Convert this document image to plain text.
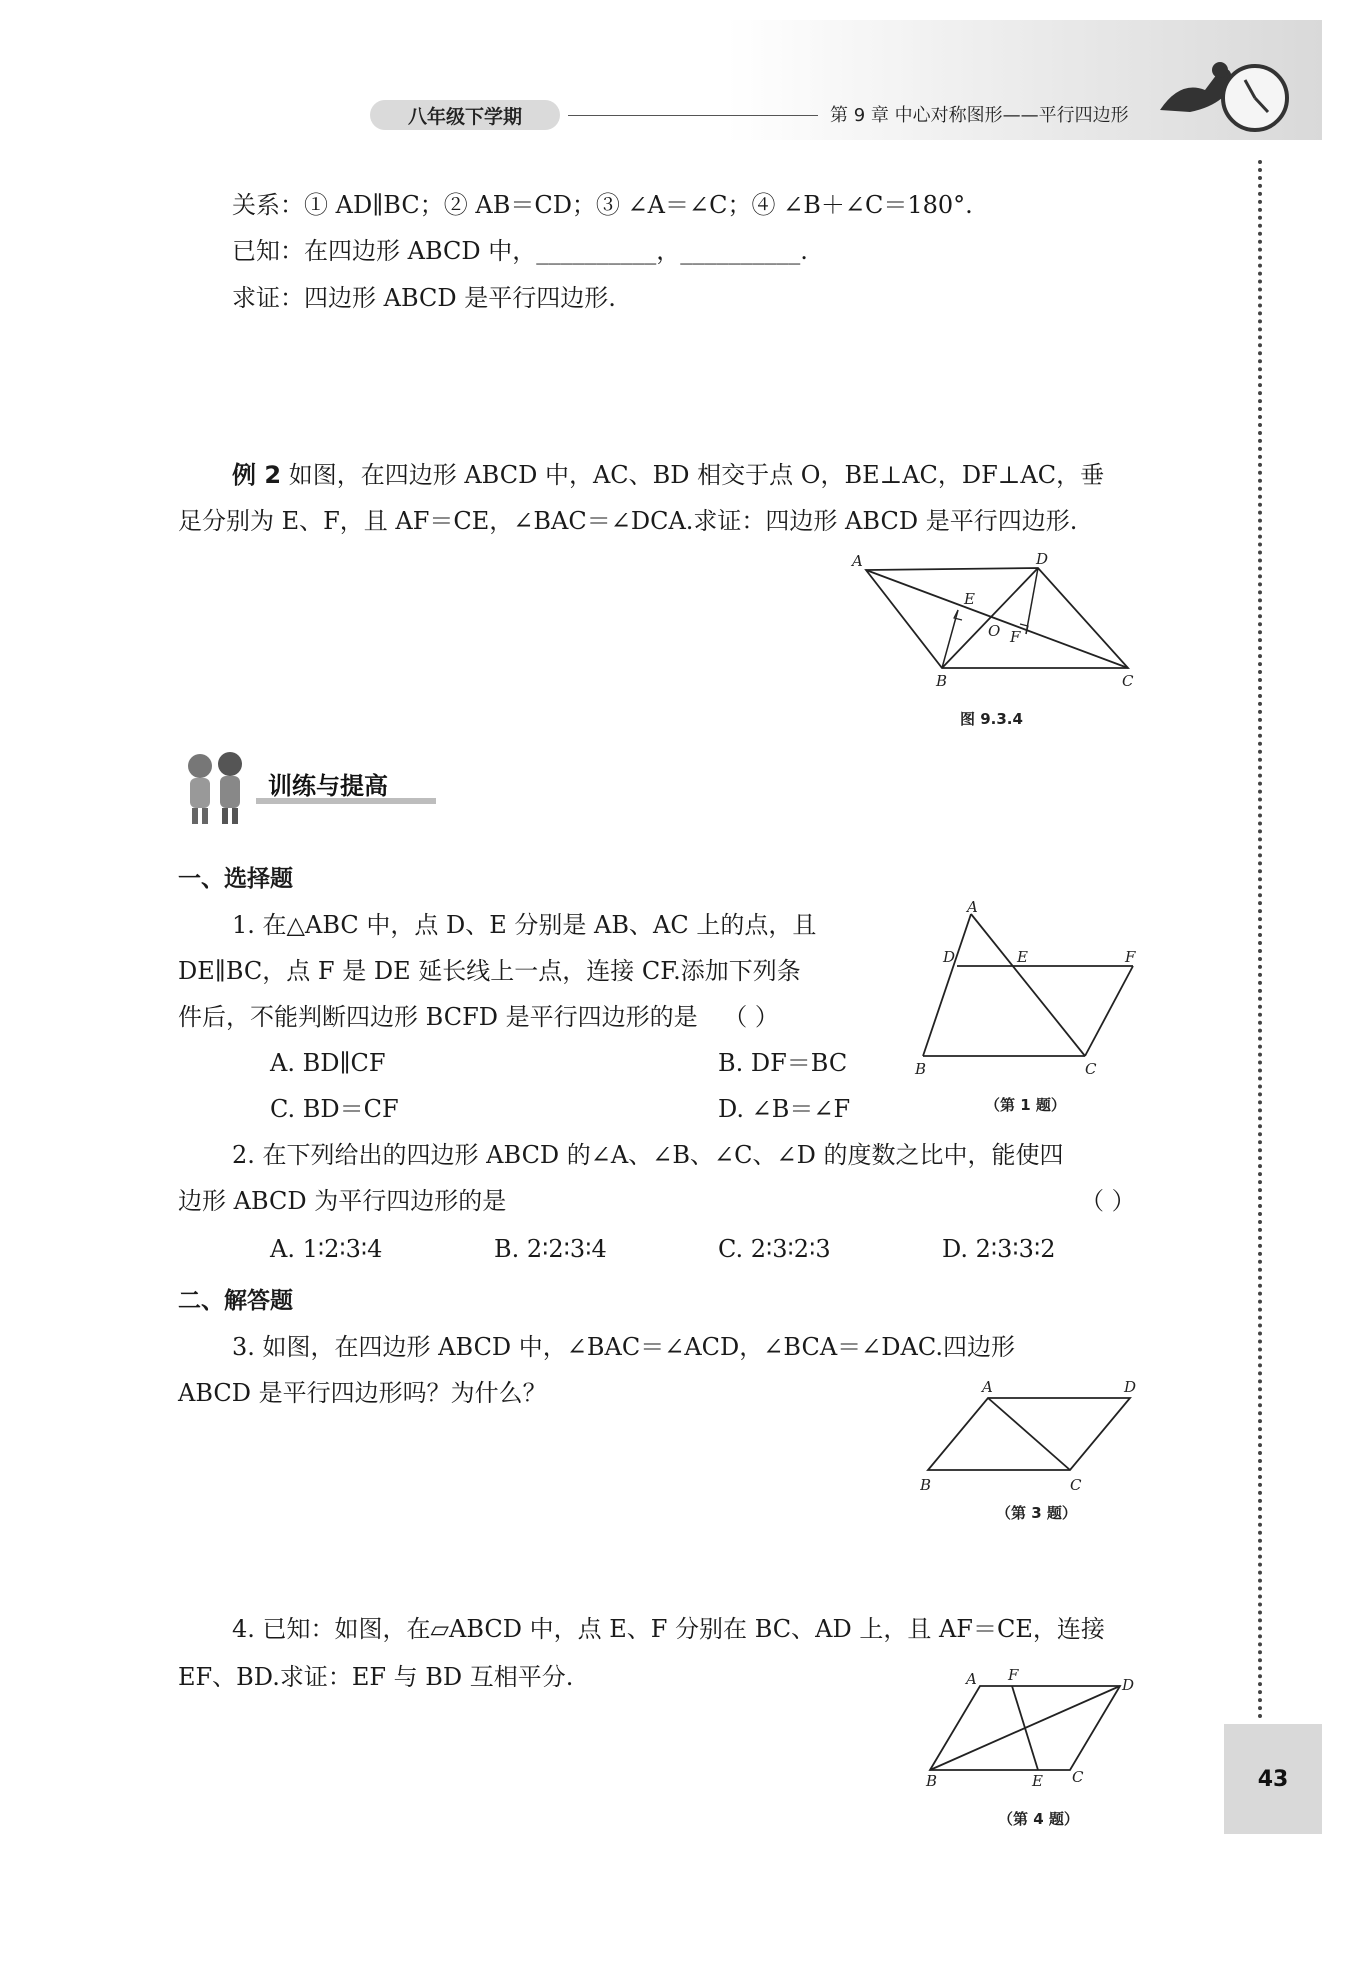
八年级下学期	第 9 章 中心对称图形——平行四边形
关系：① AD∥BC；② AB＝CD；③ ∠A＝∠C；④ ∠B＋∠C＝180°.
已知：在四边形 ABCD 中，__________，__________.
求证：四边形 ABCD 是平行四边形.
例 2 如图，在四边形 ABCD 中，AC、BD 相交于点 O，BE⊥AC，DF⊥AC，垂
足分别为 E、F，且 AF＝CE，∠BAC＝∠DCA.求证：四边形 ABCD 是平行四边形.
A	D
E
O F
B	C
图 9.3.4
训练与提高
一、选择题
1. 在△ABC 中，点 D、E 分别是 AB、AC 上的点，且
DE∥BC，点 F 是 DE 延长线上一点，连接 CF.添加下列条
件后，不能判断四边形 BCFD 是平行四边形的是 （ ）
A. BD∥CF	B. DF＝BC
C. BD＝CF	D. ∠B＝∠F
A
D	E	F
B	C
（第 1 题）
2. 在下列给出的四边形 ABCD 的∠A、∠B、∠C、∠D 的度数之比中，能使四
边形 ABCD 为平行四边形的是	（ ）
A. 1∶2∶3∶4	B. 2∶2∶3∶4	C. 2∶3∶2∶3	D. 2∶3∶3∶2
二、解答题
3. 如图，在四边形 ABCD 中，∠BAC＝∠ACD，∠BCA＝∠DAC.四边形
ABCD 是平行四边形吗？为什么？	A	D
B	C
（第 3 题）
4. 已知：如图，在▱ABCD 中，点 E、F 分别在 BC、AD 上，且 AF＝CE，连接
EF、BD.求证：EF 与 BD 互相平分.	A F
D
B	E C
（第 4 题）
43
